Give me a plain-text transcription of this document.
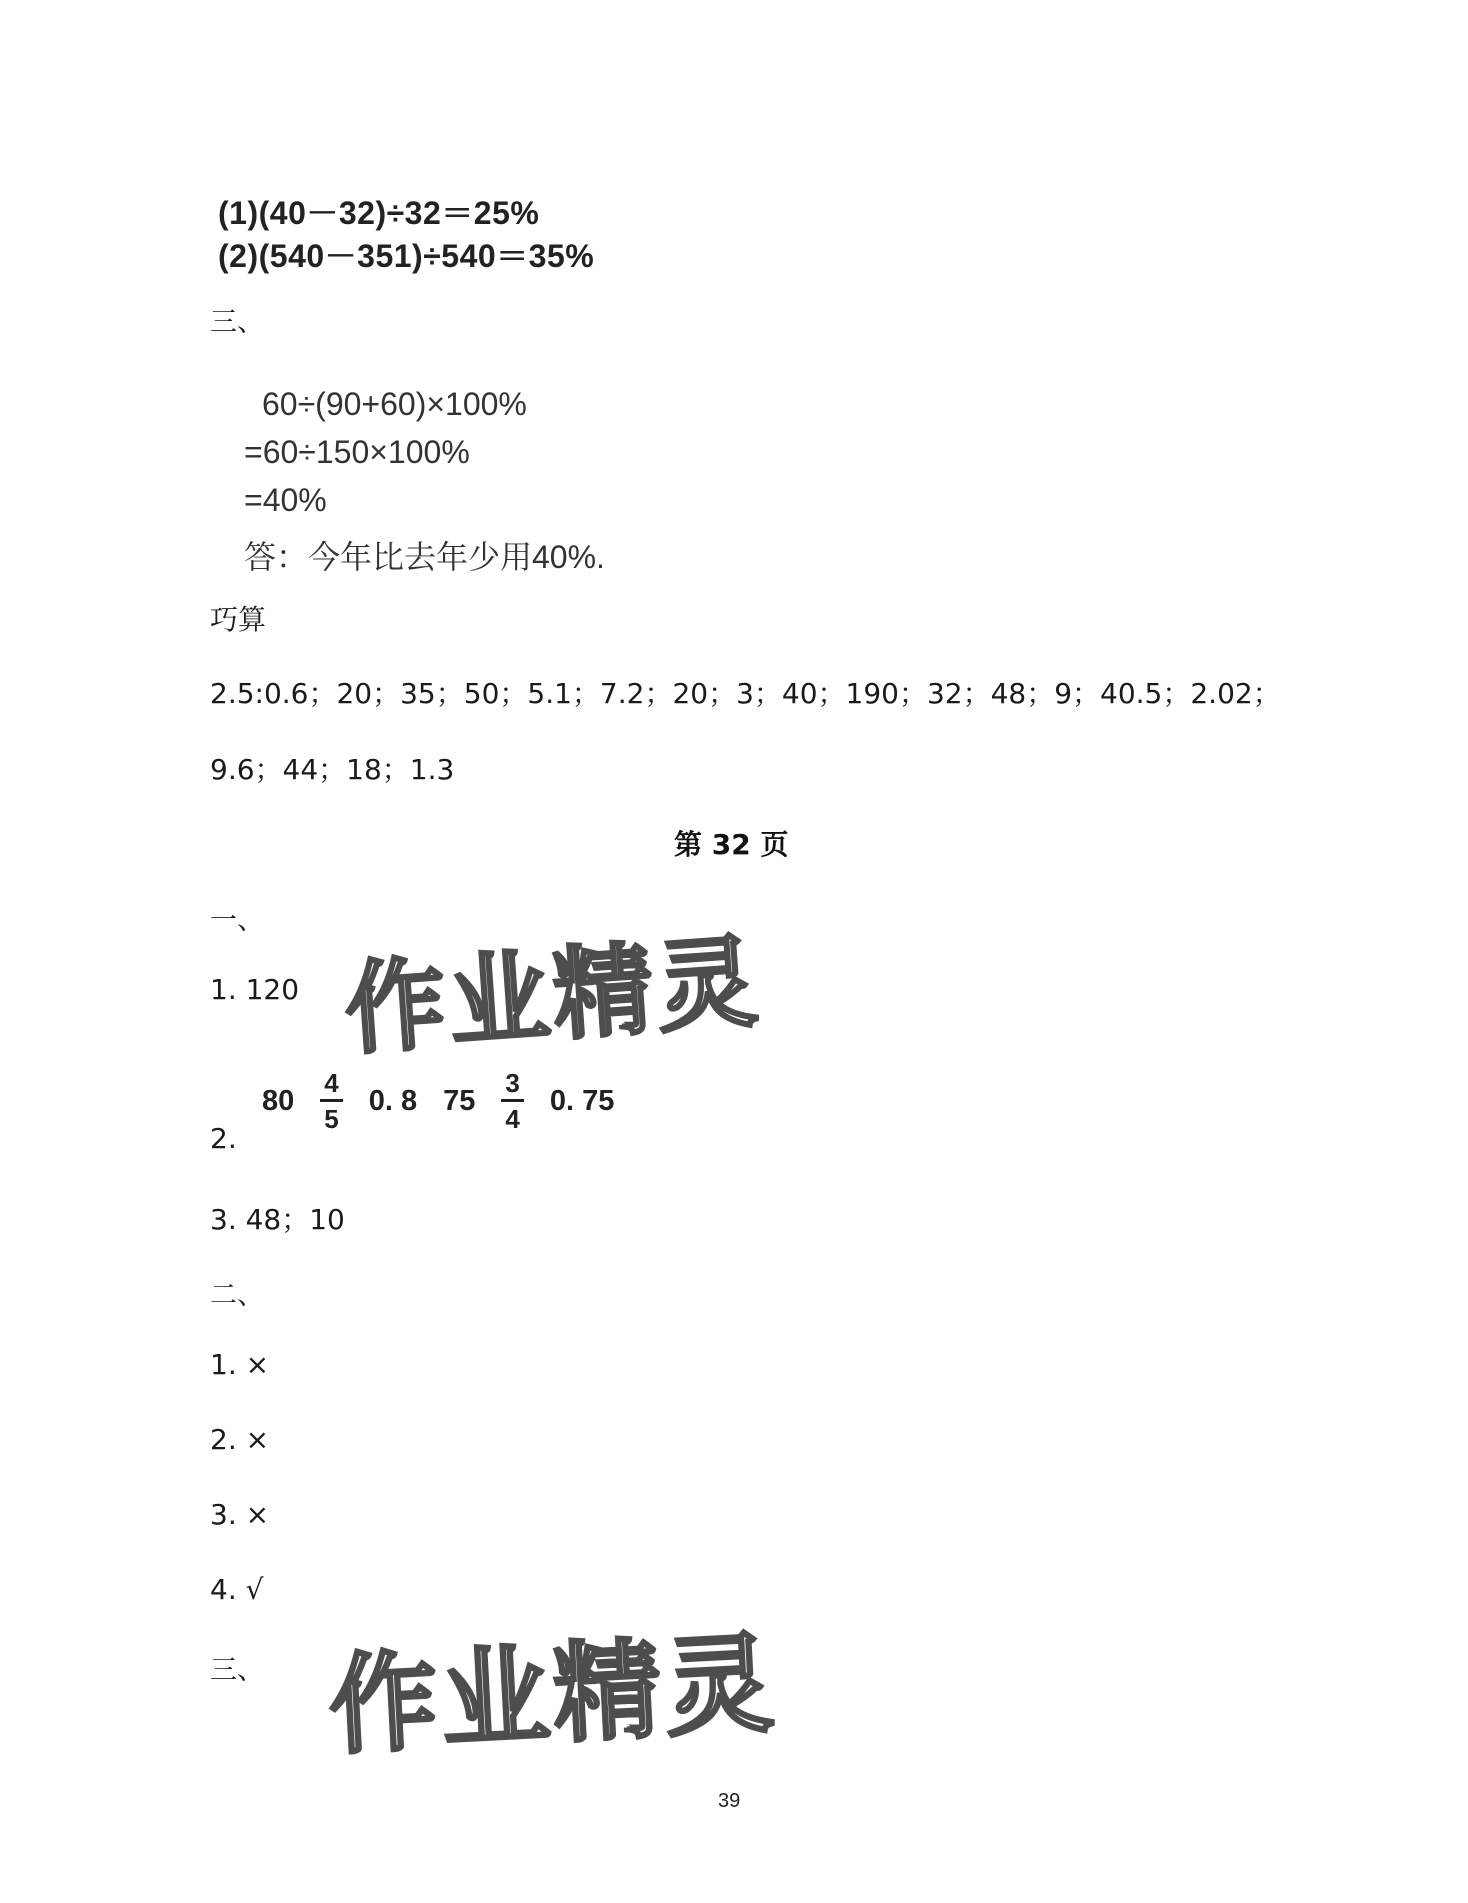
(1)(40－32)÷32＝25%
(2)(540－351)÷540＝35%
三、
60÷(90+60)×100%
=60÷150×100%
=40%
答：今年比去年少用40%.
巧算
2.5:0.6；20；35；50；5.1；7.2；20；3；40；190；32；48；9；40.5；2.02；
9.6；44；18；1.3
第 32 页
一、
1. 120
$80 \frac{4}{5} 0$. 8 $75 \frac{3}{4} 0$. 75
2.
3. 48；10
二、
1. ×
2. ×
3. ×
4. √
三、
作业精灵
作业精灵
39
